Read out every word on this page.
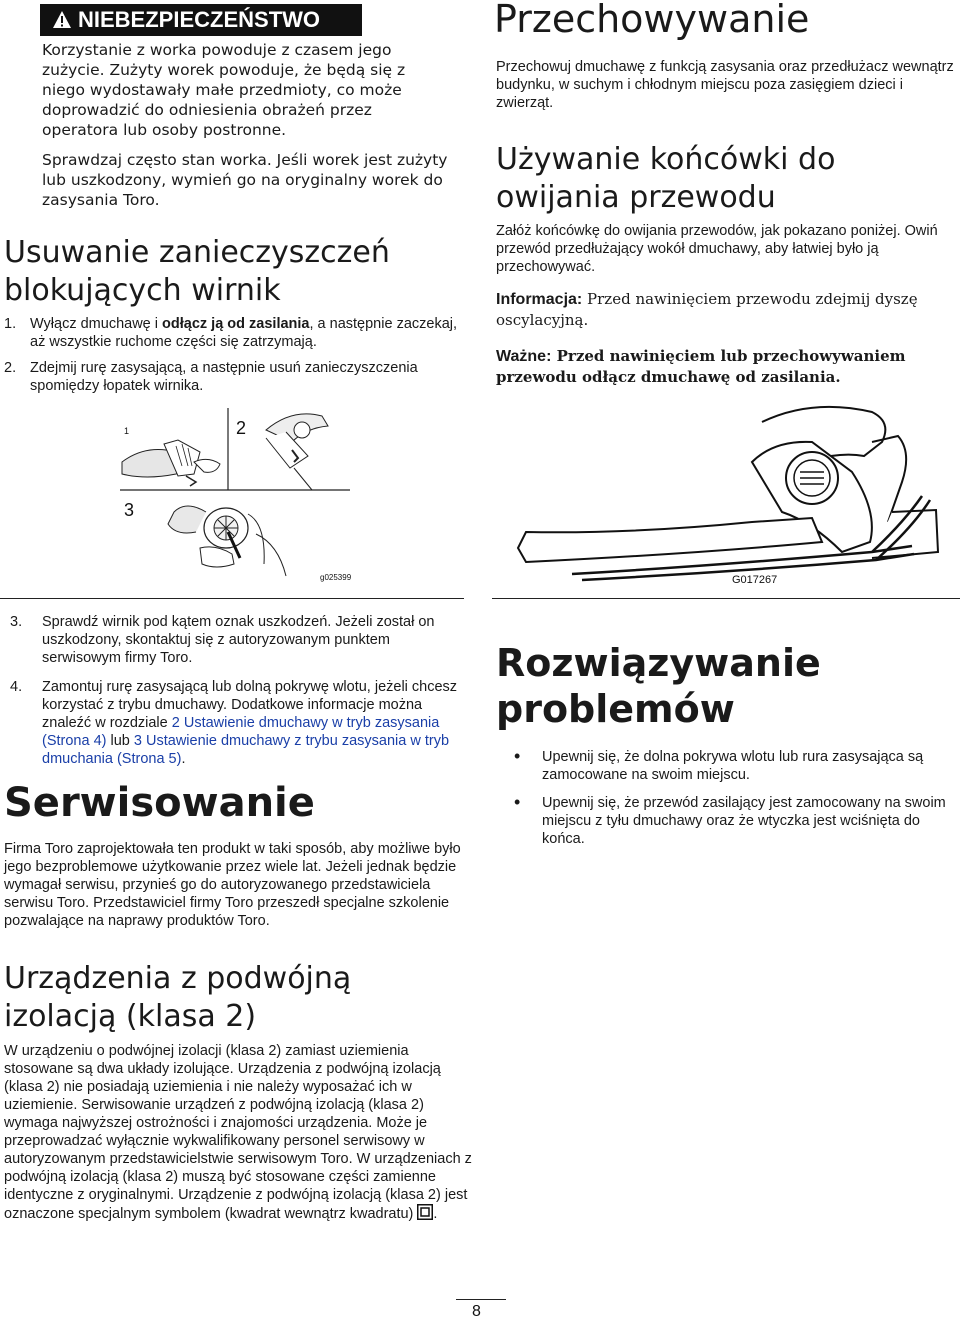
NIEBEZPIECZEŃSTWO

Korzystanie z worka powoduje z czasem jego zużycie. Zużyty worek powoduje, że będą się z niego wydostawały małe przedmioty, co może doprowadzić do odniesienia obrażeń przez operatora lub osoby postronne.

Sprawdzaj często stan worka. Jeśli worek jest zużyty lub uszkodzony, wymień go na oryginalny worek do zasysania Toro.

Usuwanie zanieczyszczeń blokujących wirnik
1. Wyłącz dmuchawę i odłącz ją od zasilania, a następnie zaczekaj, aż wszystkie ruchome części się zatrzymają.
2. Zdejmij rurę zasysającą, a następnie usuń zanieczyszczenia spomiędzy łopatek wirnika.
1	2
3
g025399
3.	Sprawdź wirnik pod kątem oznak uszkodzeń. Jeżeli został on uszkodzony, skontaktuj się z autoryzowanym punktem serwisowym firmy Toro.
4.	Zamontuj rurę zasysającą lub dolną pokrywę wlotu, jeżeli chcesz korzystać z trybu dmuchawy. Dodatkowe informacje można znaleźć w rozdziale 2 Ustawienie dmuchawy w tryb zasysania (Strona 4) lub 3 Ustawienie dmuchawy z trybu zasysania w tryb dmuchania (Strona 5).
Serwisowanie

Firma Toro zaprojektowała ten produkt w taki sposób, aby możliwe było jego bezproblemowe użytkowanie przez wiele lat. Jeżeli jednak będzie wymagał serwisu, przynieś go do autoryzowanego przedstawiciela serwisu Toro. Przedstawiciel firmy Toro przeszedł specjalne szkolenie pozwalające na naprawy produktów Toro.

Urządzenia z podwójną izolacją (klasa 2)

W urządzeniu o podwójnej izolacji (klasa 2) zamiast uziemienia stosowane są dwa układy izolujące. Urządzenia z podwójną izolacją (klasa 2) nie posiadają uziemienia i nie należy wyposażać ich w uziemienie. Serwisowanie urządzeń z podwójną izolacją (klasa 2) wymaga najwyższej ostrożności i znajomości urządzenia. Może je przeprowadzać wyłącznie wykwalifikowany personel serwisowy w autoryzowanym przedstawicielstwie serwisowym Toro. W urządzeniach z podwójną izolacją (klasa 2) muszą być stosowane części zamienne identyczne z oryginalnymi. Urządzenie z podwójną izolacją (klasa 2) jest oznaczone specjalnym symbolem (kwadrat wewnątrz kwadratu) .

Przechowywanie

Przechowuj dmuchawę z funkcją zasysania oraz przedłużacz wewnątrz budynku, w suchym i chłodnym miejscu poza zasięgiem dzieci i zwierząt.

Używanie końcówki do owijania przewodu

Załóż końcówkę do owijania przewodów, jak pokazano poniżej. Owiń przewód przedłużający wokół dmuchawy, aby łatwiej było ją przechowywać.

Informacja: Przed nawinięciem przewodu zdejmij dyszę oscylacyjną.

Ważne: Przed nawinięciem lub przechowywaniem przewodu odłącz dmuchawę od zasilania.

G017267
Rozwiązywanie problemów
•	Upewnij się, że dolna pokrywa wlotu lub rura zasysająca są zamocowane na swoim miejscu.
•	Upewnij się, że przewód zasilający jest zamocowany na swoim miejscu z tyłu dmuchawy oraz że wtyczka jest wciśnięta do końca.
8
